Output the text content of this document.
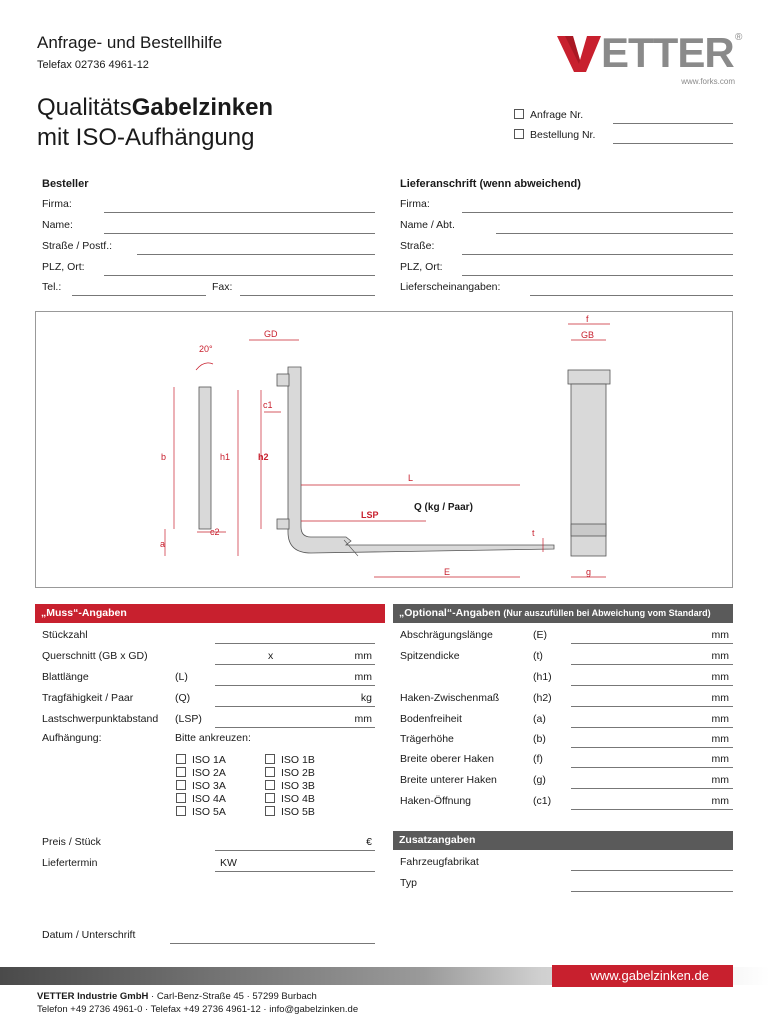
Anfrage- und Bestellhilfe
Telefax 02736 4961-12	ETTER ®
www.forks.com
QualitätsGabelzinken
mit ISO-Aufhängung
Anfrage Nr.
Bestellung Nr.
Besteller
Firma:
Name:
Straße / Postf.:
PLZ, Ort:
Tel.:	Fax:
Lieferanschrift (wenn abweichend)
Firma:
Name / Abt.
Straße:
PLZ, Ort:
Lieferscheinangaben:
GD
20°
c1
b	h1	h2
L
LSP
Q (kg / Paar)
t
a
c2
E
f
GB
g
„Muss“-Angaben
Stückzahl
Querschnitt (GB x GD)	x	mm
Blattlänge	(L)	mm
Tragfähigkeit / Paar	(Q)	kg
Lastschwerpunktabstand (LSP)	mm
Aufhängung:	Bitte ankreuzen:
ISO 1A
ISO 2A
ISO 3A
ISO 4A
ISO 5A
ISO 1B
ISO 2B
ISO 3B
ISO 4B
ISO 5B
Preis / Stück	€
Liefertermin	KW
„Optional“-Angaben (Nur auszufüllen bei Abweichung vom Standard)
Abschrägungslänge	(E)	mm
Spitzendicke	(t)	mm
(h1)	mm
Haken-Zwischenmaß	(h2)	mm
Bodenfreiheit	(a)	mm
Trägerhöhe	(b)	mm
Breite oberer Haken	(f)	mm
Breite unterer Haken	(g)	mm
Haken-Öffnung	(c1)	mm
Zusatzangaben
Fahrzeugfabrikat
Typ
Datum / Unterschrift
www.gabelzinken.de
VETTER Industrie GmbH · Carl-Benz-Straße 45 · 57299 Burbach
Telefon +49 2736 4961-0 · Telefax +49 2736 4961-12 · info@gabelzinken.de
